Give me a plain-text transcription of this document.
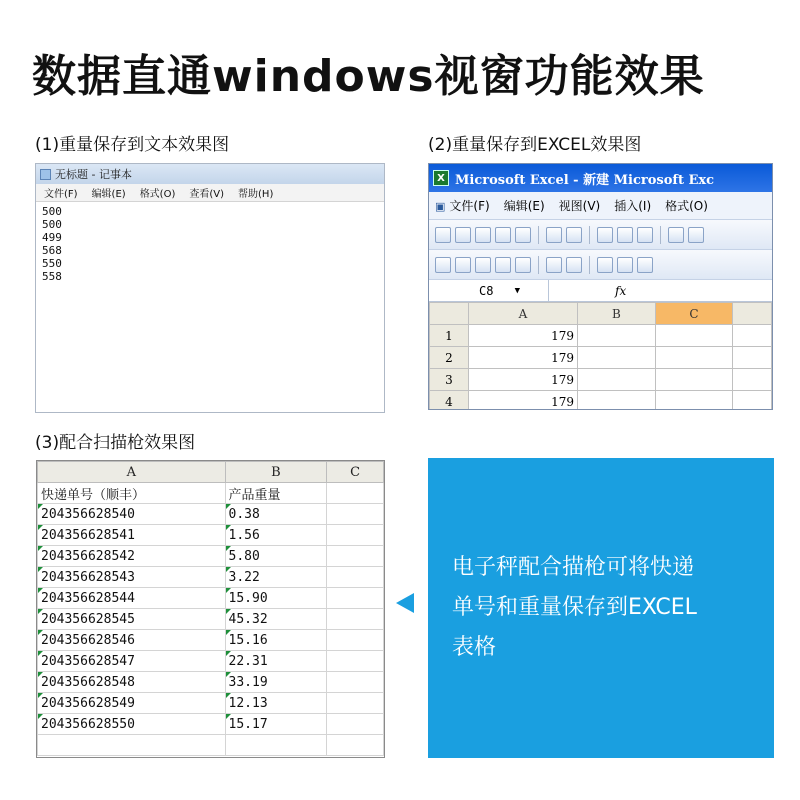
数据直通windows视窗功能效果
(1)重量保存到文本效果图	(2)重量保存到EXCEL效果图
(3)配合扫描枪效果图
无标题 - 记事本
文件(F) 编辑(E) 格式(O) 查看(V) 帮助(H)
500
500
499
568
550
558
X Microsoft Excel - 新建 Microsoft Exc
▣ 文件(F) 编辑(E) 视图(V) 插入(I) 格式(O)
C8 ▼	fx
	A	B	C	
1	179			
2	179			
3	179			
4	179			
A	B	C
快递单号（顺丰）	产品重量	

204356628540	0.38	

204356628541	1.56	

204356628542	5.80	

204356628543	3.22	

204356628544	15.90	

204356628545	45.32	

204356628546	15.16	

204356628547	22.31	

204356628548	33.19	

204356628549	12.13	

204356628550	15.17	

电子秤配合描枪可将快递
单号和重量保存到EXCEL
表格
